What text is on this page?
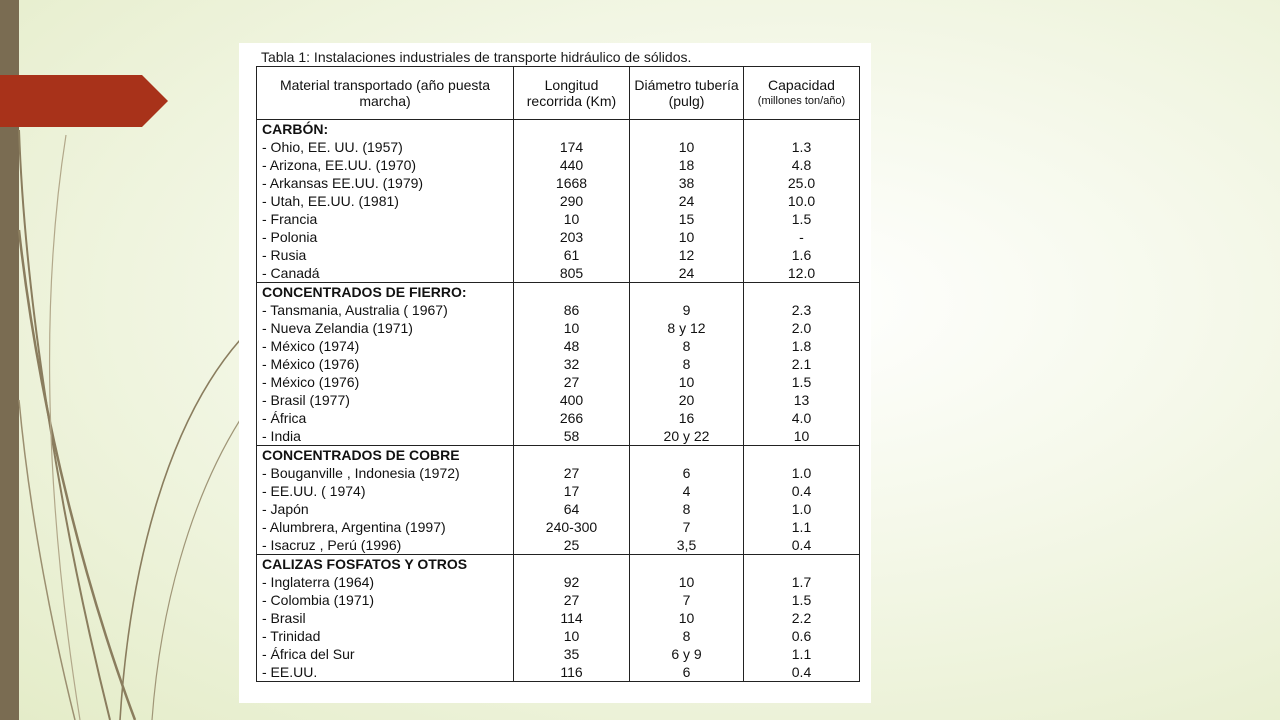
Tabla 1: Instalaciones industriales de transporte hidráulico de sólidos.
Material transportado (año puesta marcha)	Longitud recorrida (Km)	Diámetro tubería (pulg)	Capacidad
(millones ton/año)

CARBÓN:			
- Ohio, EE. UU. (1957)	174	10	1.3
- Arizona, EE.UU. (1970)	440	18	4.8
- Arkansas EE.UU. (1979)	1668	38	25.0
- Utah, EE.UU. (1981)	290	24	10.0
- Francia	10	15	1.5
- Polonia	203	10	-
- Rusia	61	12	1.6
- Canadá	805	24	12.0
CONCENTRADOS DE FIERRO:			
- Tansmania, Australia ( 1967)	86	9	2.3
- Nueva Zelandia (1971)	10	8 y 12	2.0
- México (1974)	48	8	1.8
- México (1976)	32	8	2.1
- México (1976)	27	10	1.5
- Brasil (1977)	400	20	13
- África	266	16	4.0
- India	58	20 y 22	10
CONCENTRADOS DE COBRE			
- Bouganville , Indonesia (1972)	27	6	1.0
- EE.UU. ( 1974)	17	4	0.4
- Japón	64	8	1.0
- Alumbrera, Argentina (1997)	240-300	7	1.1
- Isacruz , Perú (1996)	25	3,5	0.4
CALIZAS FOSFATOS Y OTROS			
- Inglaterra (1964)	92	10	1.7
- Colombia (1971)	27	7	1.5
- Brasil	114	10	2.2
- Trinidad	10	8	0.6
- África del Sur	35	6 y 9	1.1
- EE.UU.	116	6	0.4
